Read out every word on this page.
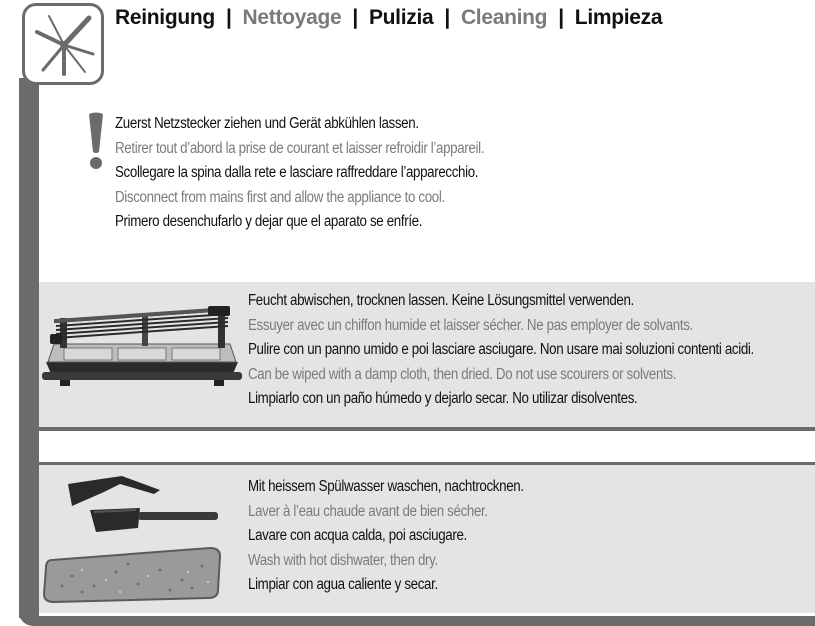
Reinigung | Nettoyage | Pulizia | Cleaning | Limpieza
Zuerst Netzstecker ziehen und Gerät abkühlen lassen.
Retirer tout d’abord la prise de courant et laisser refroidir l’appareil.
Scollegare la spina dalla rete e lasciare raffreddare l’apparecchio.
Disconnect from mains first and allow the appliance to cool.
Primero desenchufarlo y dejar que el aparato se enfríe.
Feucht abwischen, trocknen lassen. Keine Lösungsmittel verwenden.
Essuyer avec un chiffon humide et laisser sécher. Ne pas employer de solvants.
Pulire con un panno umido e poi lasciare asciugare. Non usare mai soluzioni contenti acidi.
Can be wiped with a damp cloth, then dried. Do not use scourers or solvents.
Limpiarlo con un paño húmedo y dejarlo secar. No utilizar disolventes.
Mit heissem Spülwasser waschen, nachtrocknen.
Laver à l’eau chaude avant de bien sécher.
Lavare con acqua calda, poi asciugare.
Wash with hot dishwater, then dry.
Limpiar con agua caliente y secar.
